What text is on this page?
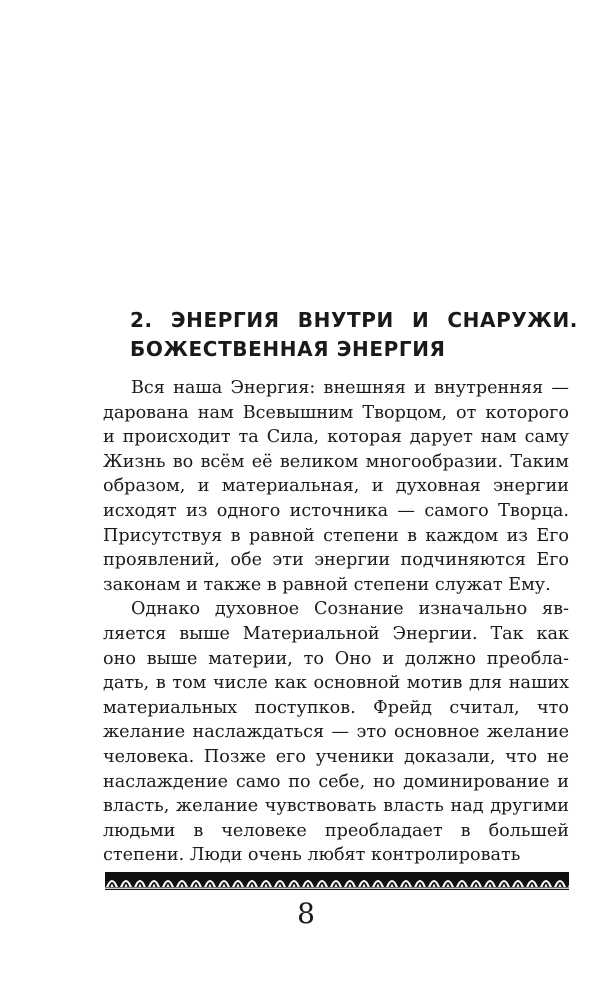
2. ЭНЕРГИЯ ВНУТРИ И СНАРУЖИ. БОЖЕСТВЕННАЯ ЭНЕРГИЯ

Вся наша Энергия: внешняя и внутренняя — дарована нам Всевышним Творцом, от которого и происходит та Сила, которая дарует нам саму Жизнь во всём её великом многообразии. Таким образом, и материальная, и духовная энергии исходят из одного источника — самого Творца. Присутствуя в равной степени в каждом из Его проявлений, обе эти энергии подчиняются Его законам и также в равной степени служат Ему.

Однако духовное Сознание изначально является выше Материальной Энергии. Так как оно выше материи, то Оно и должно преобладать, в том числе как основной мотив для наших материальных поступков. Фрейд считал, что желание наслаждаться — это основное желание человека. Позже его ученики доказали, что не наслаждение само по себе, но доминирование и власть, желание чувствовать власть над другими людьми в человеке преобладает в большей степени. Люди очень любят контролировать

8
